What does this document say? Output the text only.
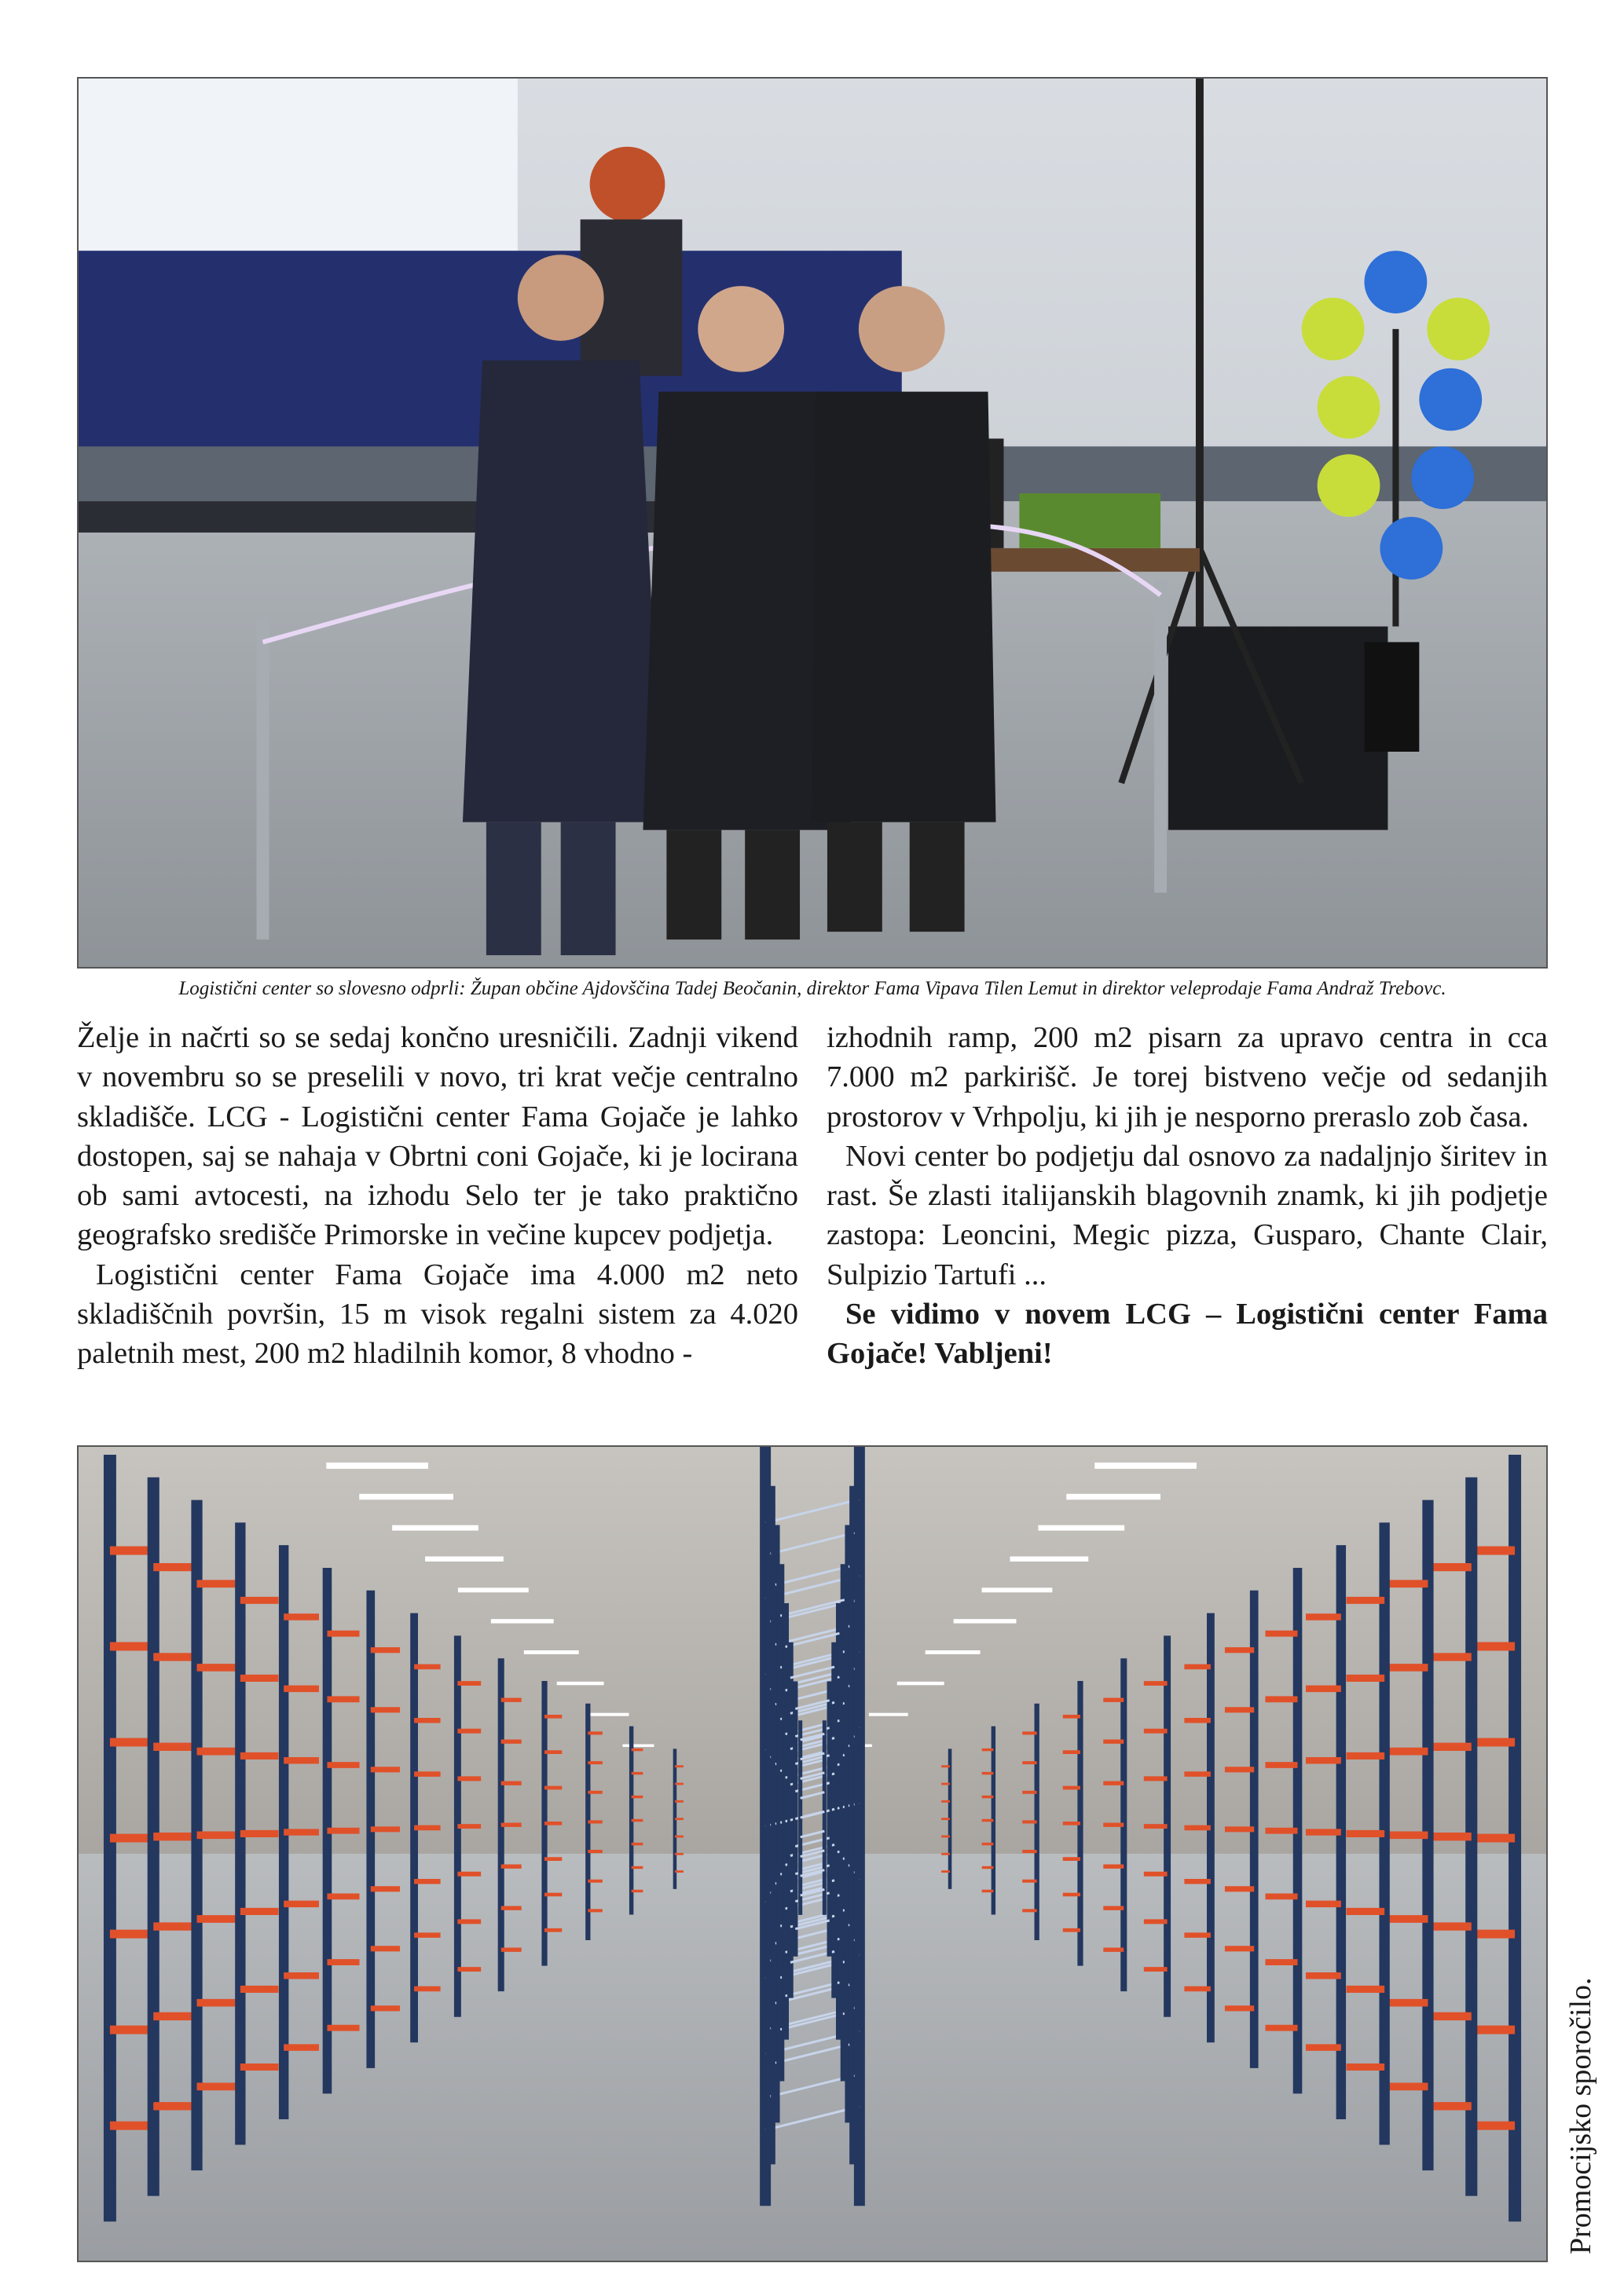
Logistični center so slovesno odprli: Župan občine Ajdovščina Tadej Beočanin, direktor Fama Vipava Tilen Lemut in direktor veleprodaje Fama Andraž Trebovc.

Želje in načrti so se sedaj končno uresničili. Zadnji vikend v novembru so se preselili v novo, tri krat večje centralno skladišče. LCG - Logistični center Fama Gojače je lahko dostopen, saj se nahaja v Obrtni coni Gojače, ki je locirana ob sami avtocesti, na izhodu Selo ter je tako praktično geografsko središče Primorske in večine kupcev podjetja.

Logistični center Fama Gojače ima 4.000 m2 neto skladiščnih površin, 15 m visok regalni sistem za 4.020 paletnih mest, 200 m2 hladilnih komor, 8 vhodno -

izhodnih ramp, 200 m2 pisarn za upravo centra in cca 7.000 m2 parkirišč. Je torej bistveno večje od sedanjih prostorov v Vrhpolju, ki jih je nesporno preraslo zob časa.

Novi center bo podjetju dal osnovo za nadaljnjo širitev in rast. Še zlasti italijanskih blagovnih znamk, ki jih podjetje zastopa: Leoncini, Megic pizza, Gusparo, Chante Clair, Sulpizio Tartufi ...

Se vidimo v novem LCG – Logistični center Fama Gojače! Vabljeni!

Promocijsko sporočilo.
